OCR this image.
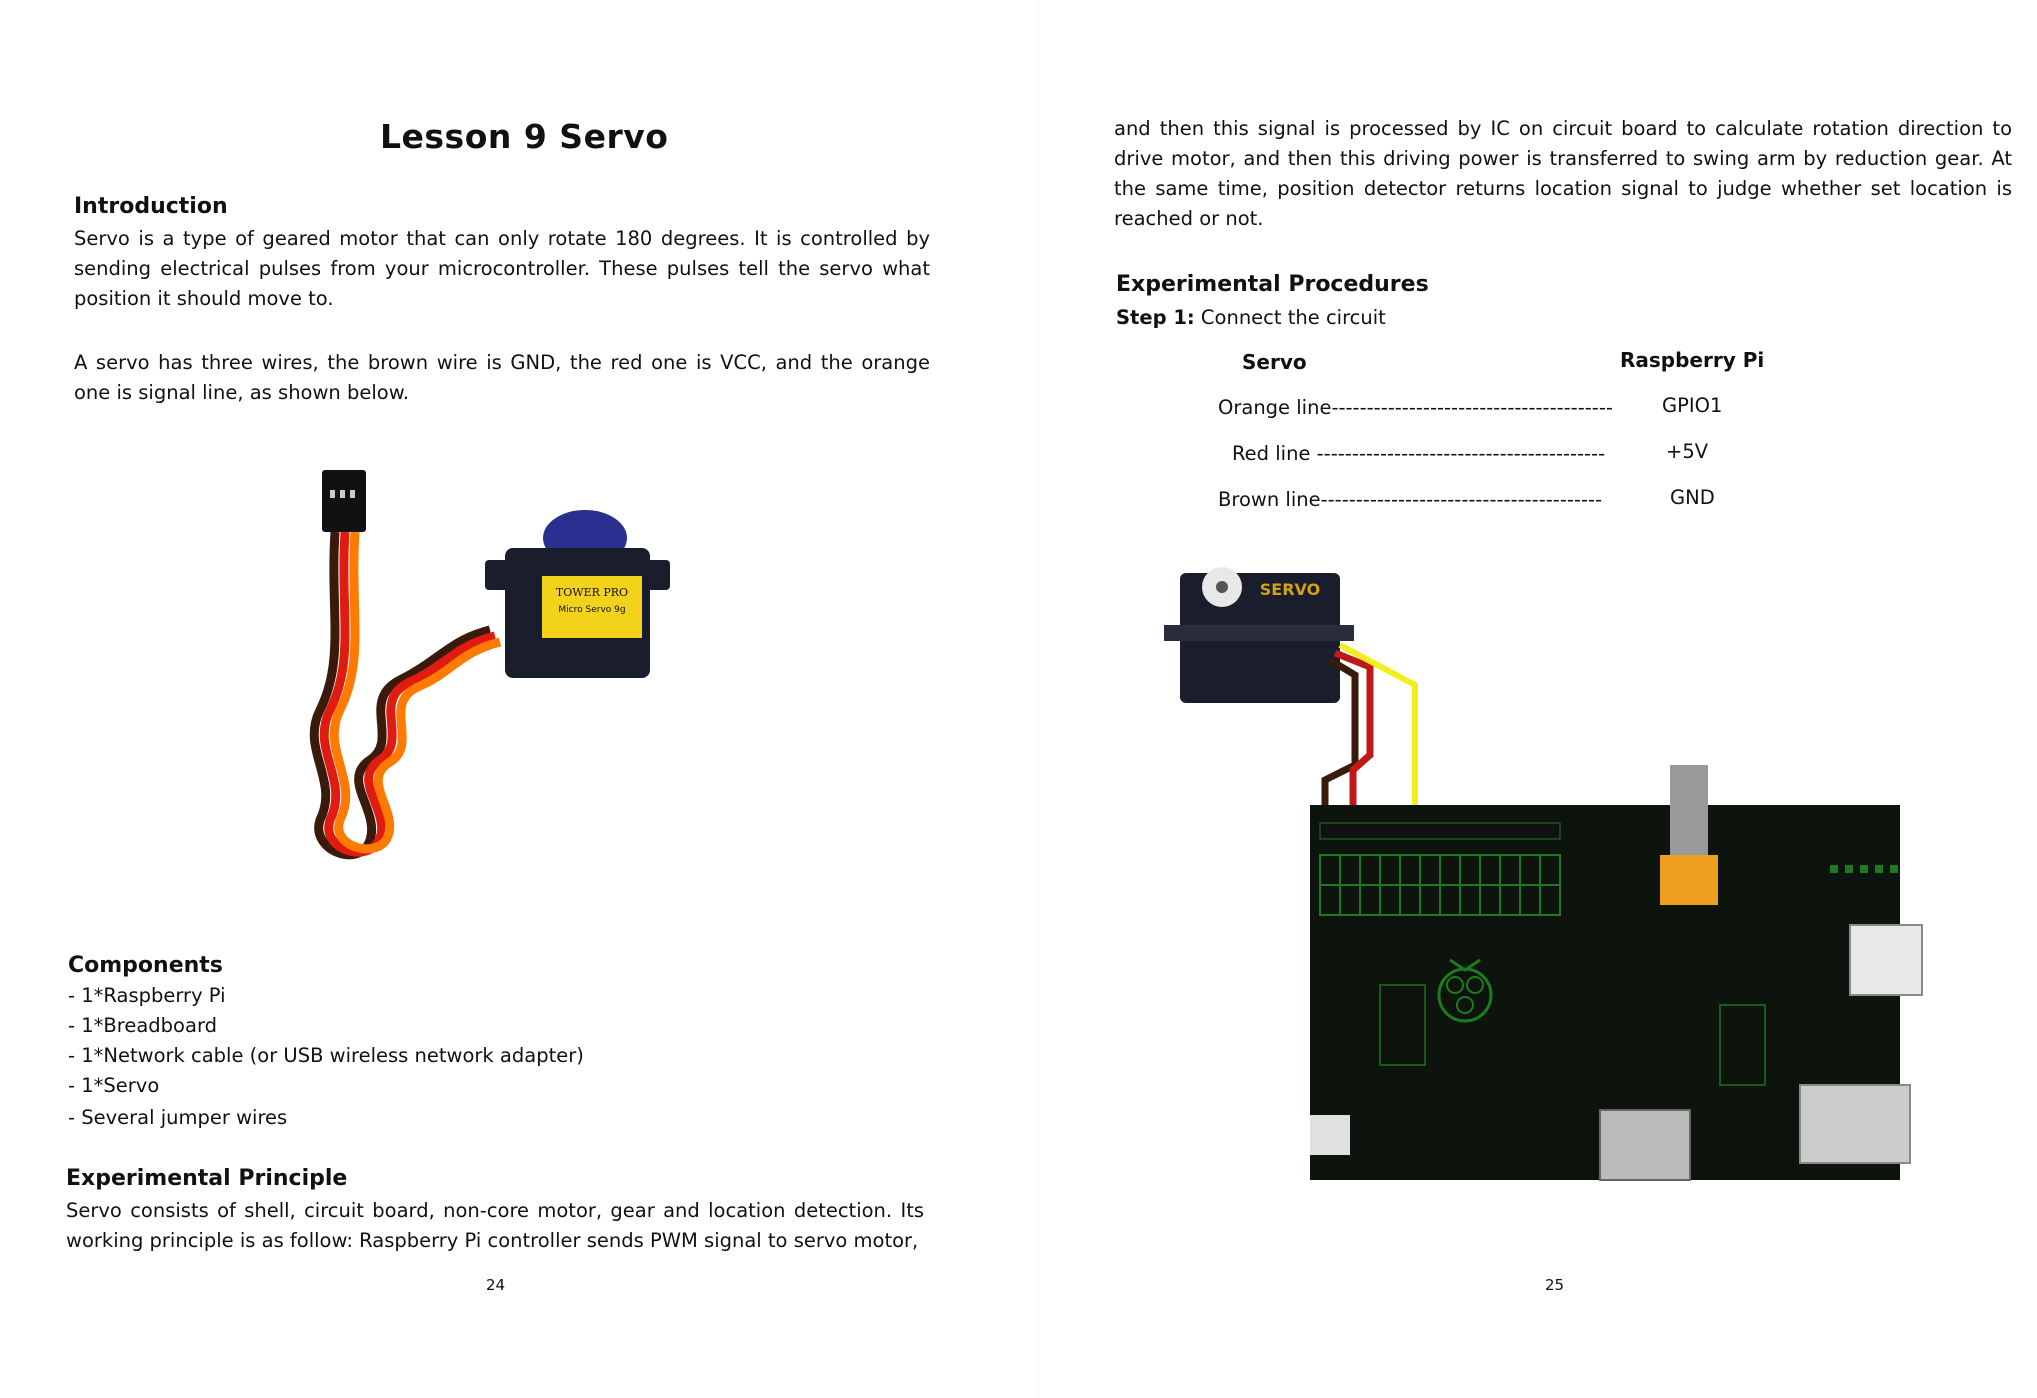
Lesson 9 Servo
Introduction
Servo is a type of geared motor that can only rotate 180 degrees. It is controlled by sending electrical pulses from your microcontroller. These pulses tell the servo what position it should move to.
A servo has three wires, the brown wire is GND, the red one is VCC, and the orange one is signal line, as shown below.
TOWER PRO
Micro Servo 9g
Components
- 1*Raspberry Pi
- 1*Breadboard
- 1*Network cable (or USB wireless network adapter)
- 1*Servo
- Several jumper wires
Experimental Principle
Servo consists of shell, circuit board, non-core motor, gear and location detection. Its working principle is as follow: Raspberry Pi controller sends PWM signal to servo motor,
24
and then this signal is processed by IC on circuit board to calculate rotation direction to drive motor, and then this driving power is transferred to swing arm by reduction gear. At the same time, position detector returns location signal to judge whether set location is reached or not.
Experimental Procedures
Step 1: Connect the circuit
Servo	Raspberry Pi
Orange line----------------------------------------	GPIO1
Red line -----------------------------------------	+5V
Brown line----------------------------------------	GND
25
SERVO
